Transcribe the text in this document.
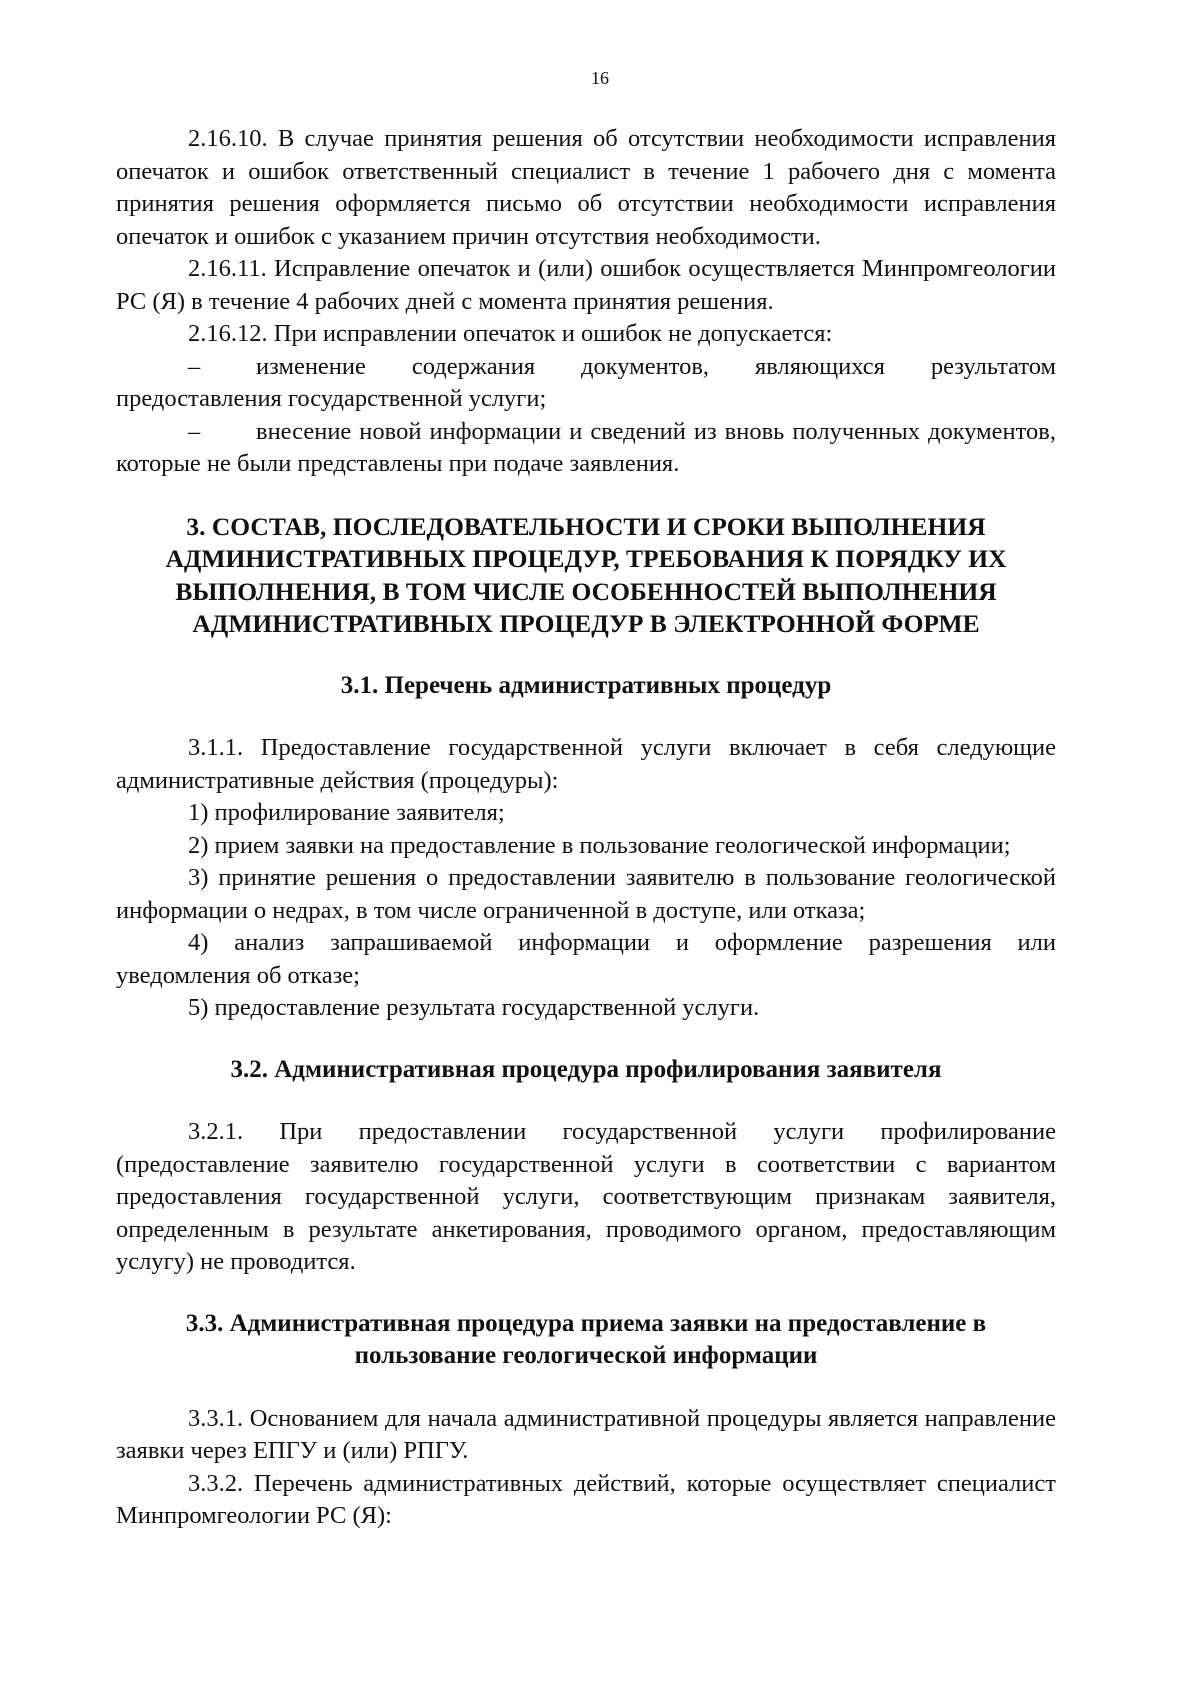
16

2.16.10. В случае принятия решения об отсутствии необходимости исправления опечаток и ошибок ответственный специалист в течение 1 рабочего дня с момента принятия решения оформляется письмо об отсутствии необходимости исправления опечаток и ошибок с указанием причин отсутствия необходимости.

2.16.11. Исправление опечаток и (или) ошибок осуществляется Минпромгеологии РС (Я) в течение 4 рабочих дней с момента принятия решения.

2.16.12. При исправлении опечаток и ошибок не допускается:

– изменение содержания документов, являющихся результатом предоставления государственной услуги;

– внесение новой информации и сведений из вновь полученных документов, которые не были представлены при подаче заявления.

3. СОСТАВ, ПОСЛЕДОВАТЕЛЬНОСТИ И СРОКИ ВЫПОЛНЕНИЯ
АДМИНИСТРАТИВНЫХ ПРОЦЕДУР, ТРЕБОВАНИЯ К ПОРЯДКУ ИХ
ВЫПОЛНЕНИЯ, В ТОМ ЧИСЛЕ ОСОБЕННОСТЕЙ ВЫПОЛНЕНИЯ
АДМИНИСТРАТИВНЫХ ПРОЦЕДУР В ЭЛЕКТРОННОЙ ФОРМЕ
3.1. Перечень административных процедур

3.1.1. Предоставление государственной услуги включает в себя следующие административные действия (процедуры):

1) профилирование заявителя;

2) прием заявки на предоставление в пользование геологической информации;

3) принятие решения о предоставлении заявителю в пользование геологической информации о недрах, в том числе ограниченной в доступе, или отказа;

4) анализ запрашиваемой информации и оформление разрешения или уведомления об отказе;

5) предоставление результата государственной услуги.

3.2. Административная процедура профилирования заявителя

3.2.1. При предоставлении государственной услуги профилирование (предоставление заявителю государственной услуги в соответствии с вариантом предоставления государственной услуги, соответствующим признакам заявителя, определенным в результате анкетирования, проводимого органом, предоставляющим услугу) не проводится.

3.3. Административная процедура приема заявки на предоставление в
пользование геологической информации

3.3.1. Основанием для начала административной процедуры является направление заявки через ЕПГУ и (или) РПГУ.

3.3.2. Перечень административных действий, которые осуществляет специалист Минпромгеологии РС (Я):
